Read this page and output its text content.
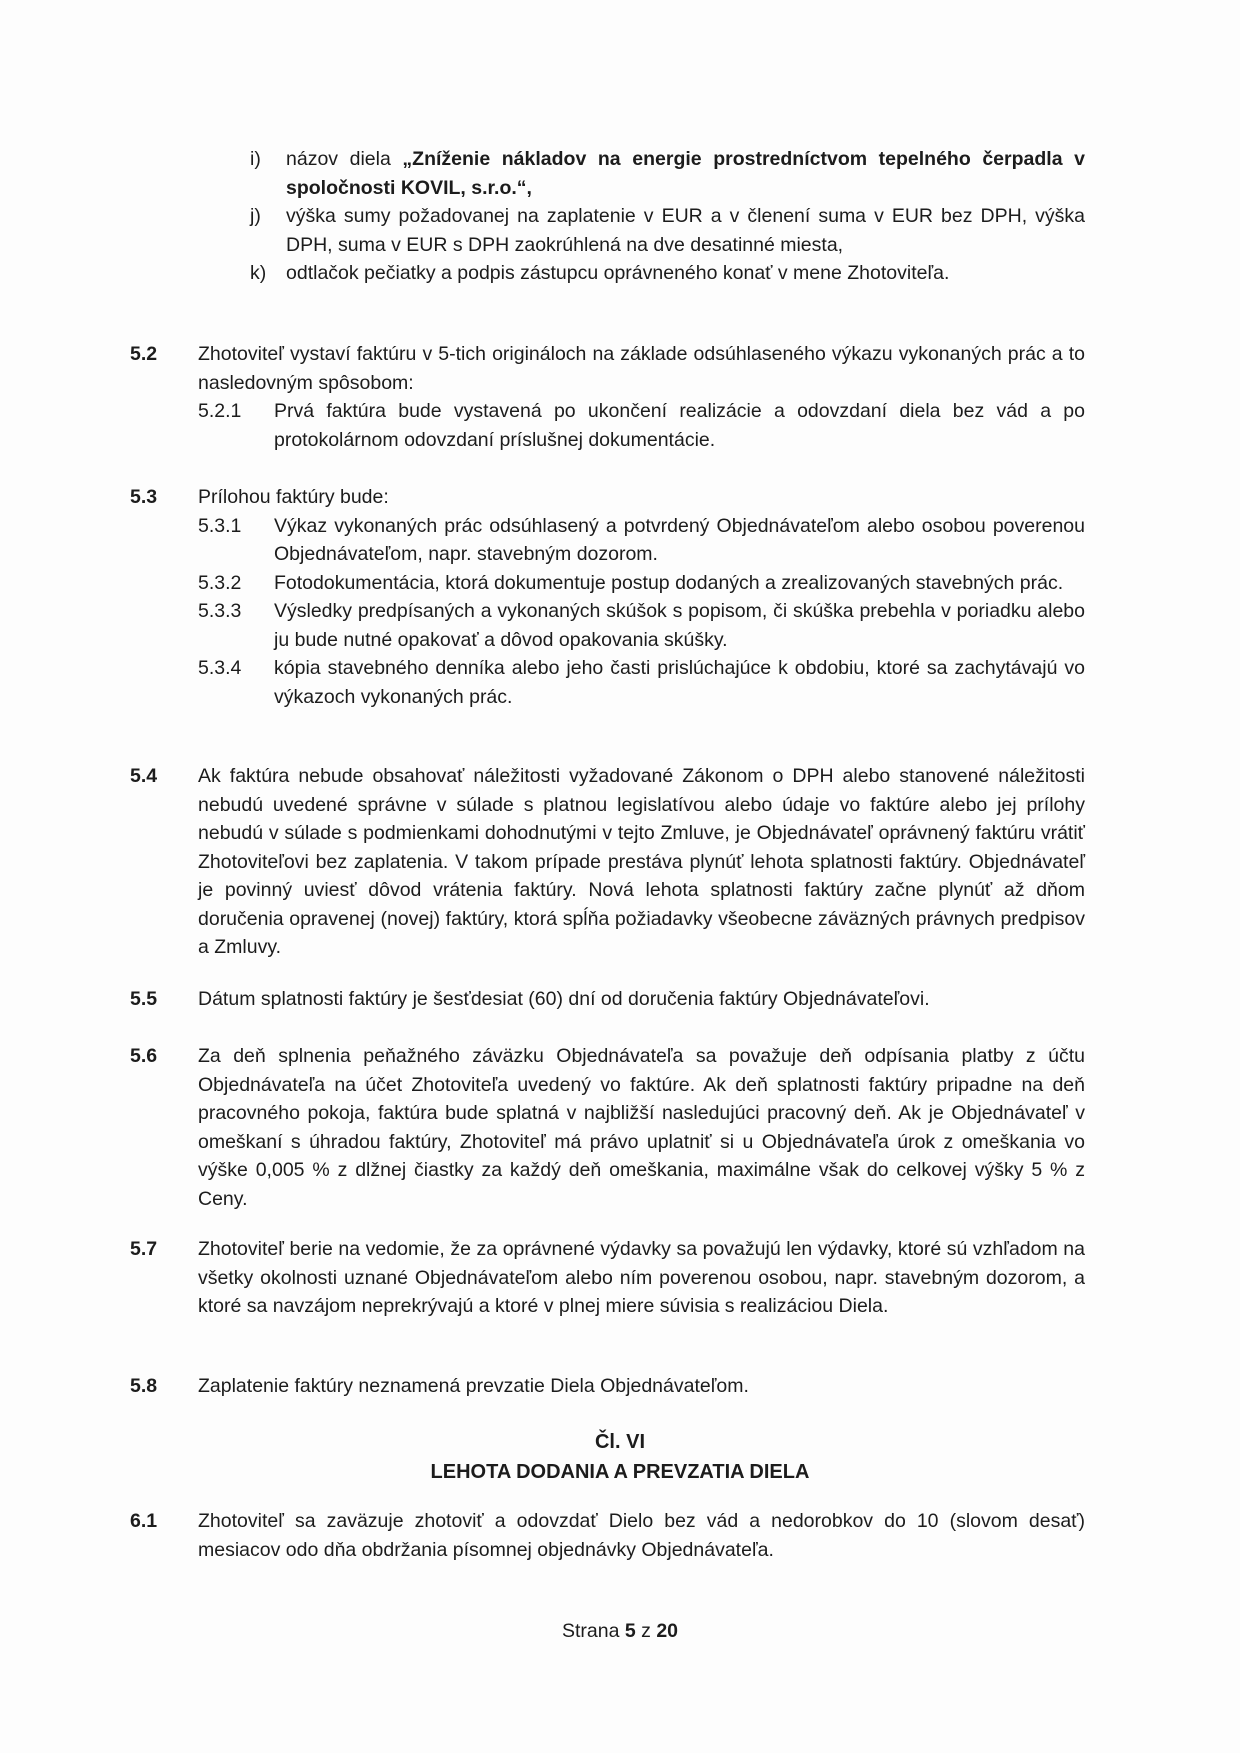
i)	názov diela „Zníženie nákladov na energie prostredníctvom tepelného čerpadla v spoločnosti KOVIL, s.r.o.“,
j)	výška sumy požadovanej na zaplatenie v EUR a v členení suma v EUR bez DPH, výška DPH, suma v EUR s DPH zaokrúhlená na dve desatinné miesta,
k)	odtlačok pečiatky a podpis zástupcu oprávneného konať v mene Zhotoviteľa.
5.2	Zhotoviteľ vystaví faktúru v 5-tich origináloch na základe odsúhlaseného výkazu vykonaných prác a to nasledovným spôsobom:
5.2.1	Prvá faktúra bude vystavená po ukončení realizácie a odovzdaní diela bez vád a po protokolárnom odovzdaní príslušnej dokumentácie.
5.3	Prílohou faktúry bude:
5.3.1	Výkaz vykonaných prác odsúhlasený a potvrdený Objednávateľom alebo osobou poverenou Objednávateľom, napr. stavebným dozorom.
5.3.2	Fotodokumentácia, ktorá dokumentuje postup dodaných a zrealizovaných stavebných prác.
5.3.3	Výsledky predpísaných a vykonaných skúšok s popisom, či skúška prebehla v poriadku alebo ju bude nutné opakovať a dôvod opakovania skúšky.
5.3.4	kópia stavebného denníka alebo jeho časti prislúchajúce k obdobiu, ktoré sa zachytávajú vo výkazoch vykonaných prác.
5.4	Ak faktúra nebude obsahovať náležitosti vyžadované Zákonom o DPH alebo stanovené náležitosti nebudú uvedené správne v súlade s platnou legislatívou alebo údaje vo faktúre alebo jej prílohy nebudú v súlade s podmienkami dohodnutými v tejto Zmluve, je Objednávateľ oprávnený faktúru vrátiť Zhotoviteľovi bez zaplatenia. V takom prípade prestáva plynúť lehota splatnosti faktúry. Objednávateľ je povinný uviesť dôvod vrátenia faktúry. Nová lehota splatnosti faktúry začne plynúť až dňom doručenia opravenej (novej) faktúry, ktorá spĺňa požiadavky všeobecne záväzných právnych predpisov a Zmluvy.
5.5	Dátum splatnosti faktúry je šesťdesiat (60) dní od doručenia faktúry Objednávateľovi.
5.6	Za deň splnenia peňažného záväzku Objednávateľa sa považuje deň odpísania platby z účtu Objednávateľa na účet Zhotoviteľa uvedený vo faktúre. Ak deň splatnosti faktúry pripadne na deň pracovného pokoja, faktúra bude splatná v najbližší nasledujúci pracovný deň. Ak je Objednávateľ v omeškaní s úhradou faktúry, Zhotoviteľ má právo uplatniť si u Objednávateľa úrok z omeškania vo výške 0,005 % z dlžnej čiastky za každý deň omeškania, maximálne však do celkovej výšky 5 % z Ceny.
5.7	Zhotoviteľ berie na vedomie, že za oprávnené výdavky sa považujú len výdavky, ktoré sú vzhľadom na všetky okolnosti uznané Objednávateľom alebo ním poverenou osobou, napr. stavebným dozorom, a ktoré sa navzájom neprekrývajú a ktoré v plnej miere súvisia s realizáciou Diela.
5.8	Zaplatenie faktúry neznamená prevzatie Diela Objednávateľom.
Čl. VI
LEHOTA DODANIA A PREVZATIA DIELA
6.1	Zhotoviteľ sa zaväzuje zhotoviť a odovzdať Dielo bez vád a nedorobkov do 10 (slovom desať) mesiacov odo dňa obdržania písomnej objednávky Objednávateľa.
Strana 5 z 20
